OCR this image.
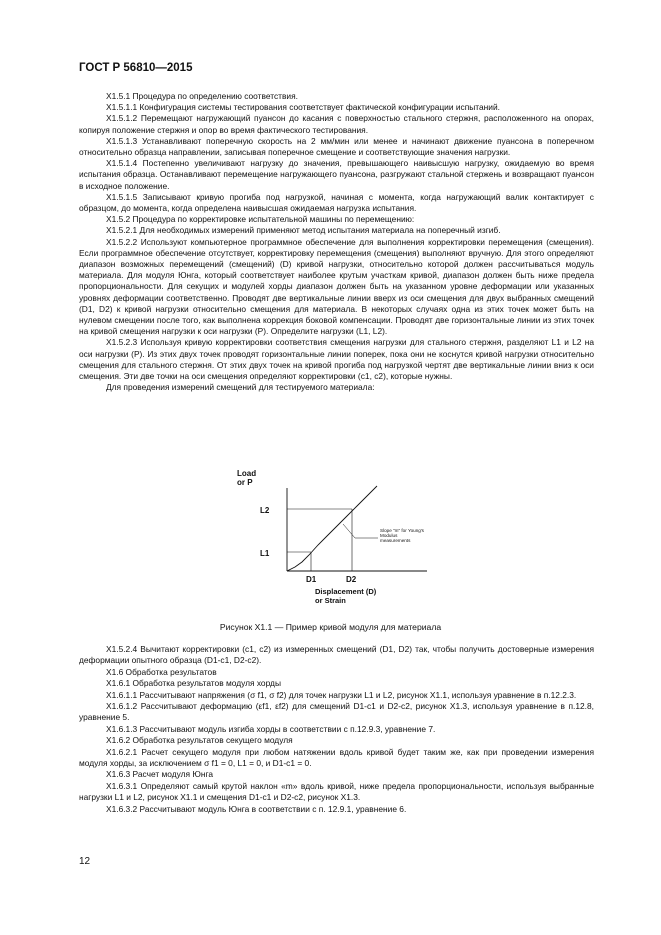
ГОСТ Р 56810—2015

X1.5.1 Процедура по определению соответствия.

X1.5.1.1 Конфигурация системы тестирования соответствует фактической конфигурации испытаний.

X1.5.1.2 Перемещают нагружающий пуансон до касания с поверхностью стального стержня, расположенного на опорах, копируя положение стержня и опор во время фактического тестирования.

X1.5.1.3 Устанавливают поперечную скорость на 2 мм/мин или менее и начинают движение пуансона в поперечном относительно образца направлении, записывая поперечное смещение и соответствующие значения нагрузки.

X1.5.1.4 Постепенно увеличивают нагрузку до значения, превышающего наивысшую нагрузку, ожидаемую во время испытания образца. Останавливают перемещение нагружающего пуансона, разгружают стальной стержень и возвращают пуансон в исходное положение.

X1.5.1.5 Записывают кривую прогиба под нагрузкой, начиная с момента, когда нагружающий валик контактирует с образцом, до момента, когда определена наивысшая ожидаемая нагрузка испытания.

X1.5.2 Процедура по корректировке испытательной машины по перемещению:

X1.5.2.1 Для необходимых измерений применяют метод испытания материала на поперечный изгиб.

X1.5.2.2 Используют компьютерное программное обеспечение для выполнения корректировки перемещения (смещения). Если программное обеспечение отсутствует, корректировку перемещения (смещения) выполняют вручную. Для этого определяют диапазон возможных перемещений (смещений) (D) кривой нагрузки, относительно которой должен рассчитываться модуль материала. Для модуля Юнга, который соответствует наиболее крутым участкам кривой, диапазон должен быть ниже предела пропорциональности. Для секущих и модулей хорды диапазон должен быть на указанном уровне деформации или указанных уровнях деформации соответственно. Проводят две вертикальные линии вверх из оси смещения для двух выбранных смещений (D1, D2) к кривой нагрузки относительно смещения для материала. В некоторых случаях одна из этих точек может быть на нулевом смещении после того, как выполнена коррекция боковой компенсации. Проводят две горизонтальные линии из этих точек на кривой смещения нагрузки к оси нагрузки (P). Определите нагрузки (L1, L2).

X1.5.2.3 Используя кривую корректировки соответствия смещения нагрузки для стального стержня, разделяют L1 и L2 на оси нагрузки (P). Из этих двух точек проводят горизонтальные линии поперек, пока они не коснутся кривой нагрузки относительно смещения для стального стержня. От этих двух точек на кривой прогиба под нагрузкой чертят две вертикальные линии вниз к оси смещения. Эти две точки на оси смещения определяют корректировки (c1, c2), которые нужны.

Для проведения измерений смещений для тестируемого материала:

Load
or P
L2
L1
D1	D2
Displacement (D)
or Strain
Slope "m" for Young's
Modulus
measurements
Рисунок X1.1 — Пример кривой модуля для материала

X1.5.2.4 Вычитают корректировки (c1, c2) из измеренных смещений (D1, D2) так, чтобы получить достоверные измерения деформации опытного образца (D1-c1, D2-c2).

X1.6 Обработка результатов

X1.6.1 Обработка результатов модуля хорды

X1.6.1.1 Рассчитывают напряжения (σ f1, σ f2) для точек нагрузки L1 и L2, рисунок X1.1, используя уравнение в п.12.2.3.

X1.6.1.2 Рассчитывают деформацию (εf1, εf2) для смещений D1-c1 и D2-c2, рисунок X1.3, используя уравнение в п.12.8, уравнение 5.

X1.6.1.3 Рассчитывают модуль изгиба хорды в соответствии с п.12.9.3, уравнение 7.

X1.6.2 Обработка результатов секущего модуля

X1.6.2.1 Расчет секущего модуля при любом натяжении вдоль кривой будет таким же, как при проведении измерения модуля хорды, за исключением σ f1 = 0, L1 = 0, и D1-c1 = 0.

X1.6.3 Расчет модуля Юнга

X1.6.3.1 Определяют самый крутой наклон «m» вдоль кривой, ниже предела пропорциональности, используя выбранные нагрузки L1 и L2, рисунок X1.1 и смещения D1-c1 и D2-c2, рисунок X1.3.

X1.6.3.2 Рассчитывают модуль Юнга в соответствии с п. 12.9.1, уравнение 6.

12
